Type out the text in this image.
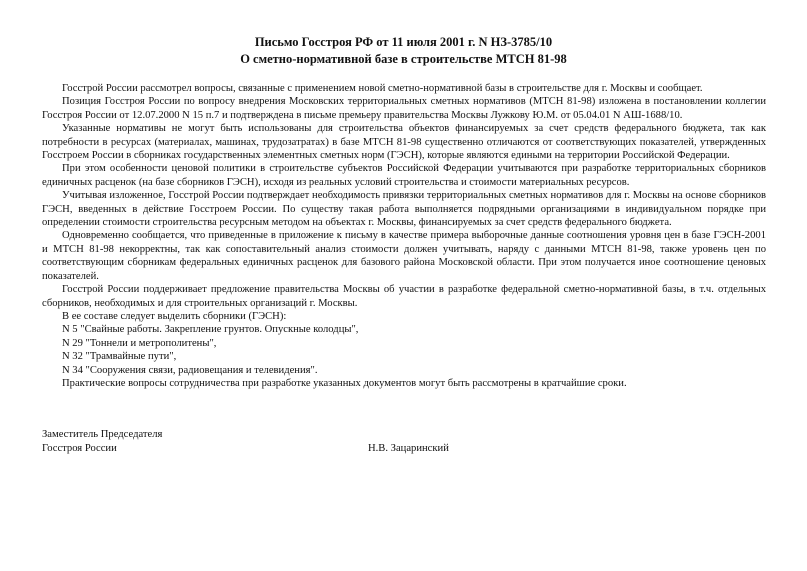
Письмо Госстроя РФ от 11 июля 2001 г. N НЗ-3785/10
О сметно-нормативной базе в строительстве МТСН 81-98

Госстрой России рассмотрел вопросы, связанные с применением новой сметно-нормативной базы в строительстве для г. Москвы и сообщает.

Позиция Госстроя России по вопросу внедрения Московских территориальных сметных нормативов (МТСН 81-98) изложена в постановлении коллегии Госстроя России от 12.07.2000 N 15 п.7 и подтверждена в письме премьеру правительства Москвы Лужкову Ю.М. от 05.04.01 N АШ-1688/10.

Указанные нормативы не могут быть использованы для строительства объектов финансируемых за счет средств федерального бюджета, так как потребности в ресурсах (материалах, машинах, трудозатратах) в базе МТСН 81-98 существенно отличаются от соответствующих показателей, утвержденных Госстроем России в сборниках государственных элементных сметных норм (ГЭСН), которые являются едиными на территории Российской Федерации.

При этом особенности ценовой политики в строительстве субъектов Российской Федерации учитываются при разработке территориальных сборников единичных расценок (на базе сборников ГЭСН), исходя из реальных условий строительства и стоимости материальных ресурсов.

Учитывая изложенное, Госстрой России подтверждает необходимость привязки территориальных сметных нормативов для г. Москвы на основе сборников ГЭСН, введенных в действие Госстроем России. По существу такая работа выполняется подрядными организациями в индивидуальном порядке при определении стоимости строительства ресурсным методом на объектах г. Москвы, финансируемых за счет средств федерального бюджета.

Одновременно сообщается, что приведенные в приложение к письму в качестве примера выборочные данные соотношения уровня цен в базе ГЭСН-2001 и МТСН 81-98 некорректны, так как сопоставительный анализ стоимости должен учитывать, наряду с данными МТСН 81-98, также уровень цен по соответствующим сборникам федеральных единичных расценок для базового района Московской области. При этом получается иное соотношение ценовых показателей.

Госстрой России поддерживает предложение правительства Москвы об участии в разработке федеральной сметно-нормативной базы, в т.ч. отдельных сборников, необходимых и для строительных организаций г. Москвы.

В ее составе следует выделить сборники (ГЭСН):

N 5 "Свайные работы. Закрепление грунтов. Опускные колодцы",

N 29 "Тоннели и метрополитены",

N 32 "Трамвайные пути",

N 34 "Сооружения связи, радиовещания и телевидения".

Практические вопросы сотрудничества при разработке указанных документов могут быть рассмотрены в кратчайшие сроки.

Заместитель Председателя
Госстроя России	Н.В. Зацаринский
